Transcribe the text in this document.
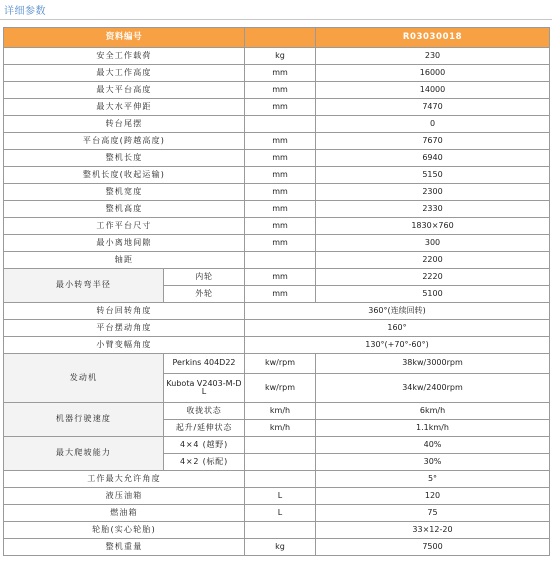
详细参数
资料编号			R03030018
安全工作载荷		kg	230
最大工作高度		mm	16000
最大平台高度		mm	14000
最大水平伸距		mm	7470
转台尾摆			0
平台高度(跨越高度)		mm	7670
整机长度		mm	6940
整机长度(收起运输)		mm	5150
整机宽度		mm	2300
整机高度		mm	2330
工作平台尺寸		mm	1830×760
最小离地间隙		mm	300
轴距			2200
最小转弯半径	内轮	mm	2220
	外轮	mm	5100
转台回转角度		360°(连续回转)	
平台摆动角度		160°	
小臂变幅角度		130°(+70°-60°)	
发动机	Perkins 404D22	kw/rpm	38kw/3000rpm
	Kubota V2403-M-DL	kw/rpm	34kw/2400rpm
机器行驶速度	收拢状态	km/h	6km/h
	起升/延伸状态	km/h	1.1km/h
最大爬坡能力	4×4 (越野)		40%
	4×2 (标配)		30%
工作最大允许角度			5°
液压油箱		L	120
燃油箱		L	75
轮胎(实心轮胎)			33×12-20
整机重量		kg	7500
